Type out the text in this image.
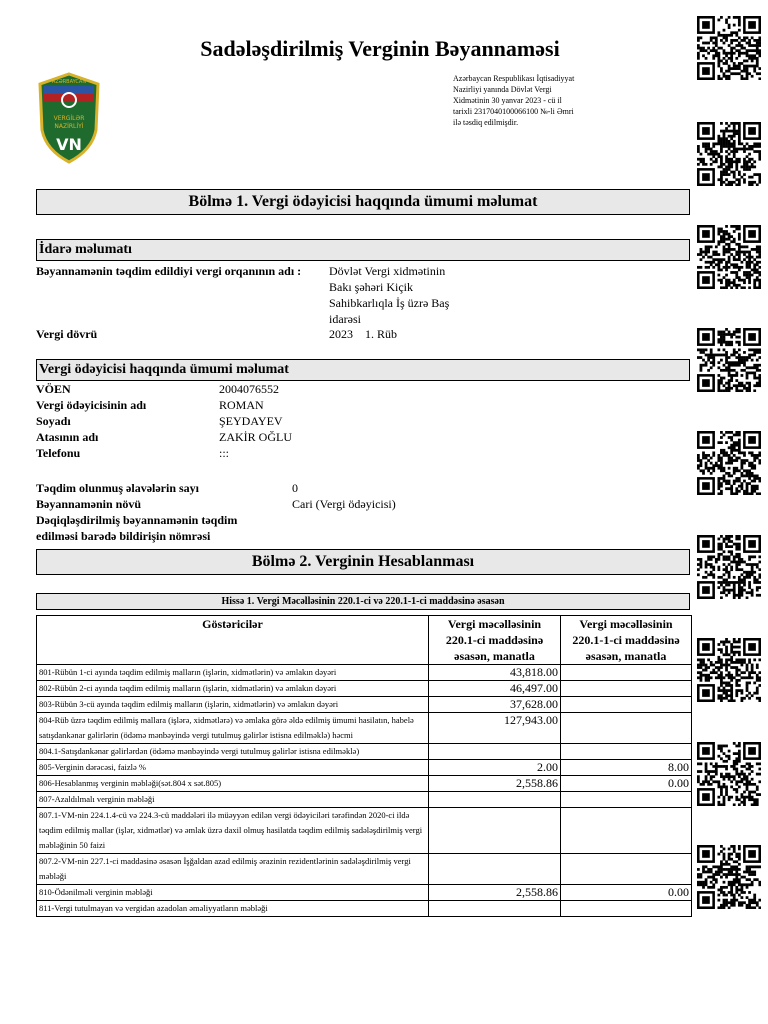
Sadələşdirilmiş Verginin Bəyannaməsi
AZƏRBAYCAN
VERGİLƏR
NAZİRLİYİ
VN
Azərbaycan Respublikası İqtisadiyyat
Nazirliyi yanında Dövlət Vergi
Xidmətinin 30 yanvar 2023 - cü il
tarixli 2317040100066100 №-li Əmri
ilə təsdiq edilmişdir.
Bölmə 1. Vergi ödəyicisi haqqında ümumi məlumat
İdarə məlumatı
Bəyannamənin təqdim edildiyi vergi orqanının adı : Dövlət Vergi xidmətinin
Bakı şəhəri Kiçik
Sahibkarlıqla İş üzrə Baş
idarəsi
Vergi dövrü	2023    1. Rüb
Vergi ödəyicisi haqqında ümumi məlumat
VÖEN	2004076552
Vergi ödəyicisinin adı	ROMAN
Soyadı	ŞEYDAYEV
Atasının adı	ZAKİR OĞLU
Telefonu	:::
Təqdim olunmuş əlavələrin sayı	0
Bəyannamənin növü	Cari (Vergi ödəyicisi)
Dəqiqləşdirilmiş bəyannamənin təqdim
edilməsi barədə bildirişin nömrəsi
Bölmə 2. Verginin Hesablanması
Hissə 1. Vergi Məcəlləsinin 220.1-ci və 220.1-1-ci maddəsinə əsasən
Göstəricilər	Vergi məcəlləsinin 220.1-ci maddəsinə əsasən, manatla	Vergi məcəlləsinin 220.1-1-ci maddəsinə əsasən, manatla
801-Rübün 1-ci ayında təqdim edilmiş malların (işlərin, xidmətlərin) və əmlakın dəyəri	43,818.00	
802-Rübün 2-ci ayında təqdim edilmiş malların (işlərin, xidmətlərin) və əmlakın dəyəri	46,497.00	
803-Rübün 3-cü ayında təqdim edilmiş malların (işlərin, xidmətlərin) və əmlakın dəyəri	37,628.00	
804-Rüb üzrə təqdim edilmiş mallara (işlərə, xidmətlərə) və əmlaka görə əldə edilmiş ümumi hasilatın, habelə satışdankənar gəlirlərin (ödəmə mənbəyində vergi tutulmuş gəlirlər istisna edilməklə) həcmi	127,943.00	
804.1-Satışdankənar gəlirlərdən (ödəmə mənbəyində vergi tutulmuş gəlirlər istisna edilməklə)		
805-Verginin dərəcəsi, faizlə %	2.00	8.00
806-Hesablanmış verginin məbləği(sət.804 x sət.805)	2,558.86	0.00
807-Azaldılmalı verginin məbləği		
807.1-VM-nin 224.1.4-cü və 224.3-cü maddələri ilə müəyyən edilən vergi ödəyiciləri tərəfindən 2020-ci ildə təqdim edilmiş mallar (işlər, xidmətlər) və əmlak üzrə daxil olmuş hasilatda təqdim edilmiş sadələşdirilmiş vergi məbləğinin 50 faizi		
807.2-VM-nin 227.1-ci maddəsinə əsasən İşğaldan azad edilmiş ərazinin rezidentlərinin sadələşdirilmiş vergi məbləği		
810-Ödənilməli verginin məbləği	2,558.86	0.00
811-Vergi tutulmayan və vergidən azadolan əməliyyatların məbləği		
